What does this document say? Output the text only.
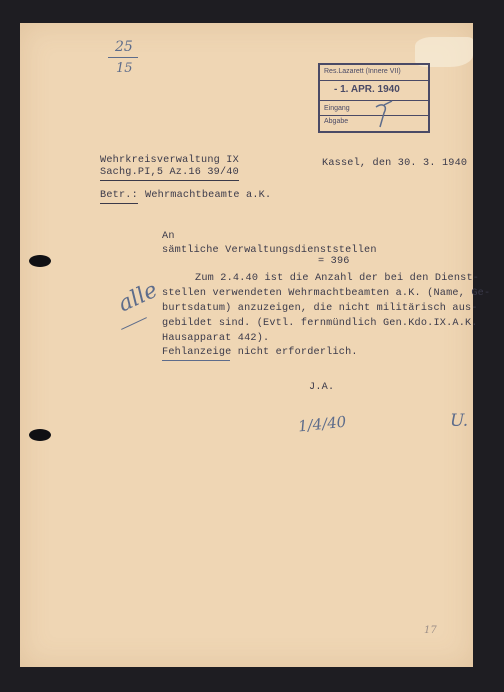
25
15	Res.Lazarett (Innere VII)
- 1. APR. 1940
Eingang
Abgabe
Wehrkreisverwaltung IX
Sachg.PI,5 Az.16 39/40
Kassel, den 30. 3. 1940
Betr.: Wehrmachtbeamte a.K.
An
sämtliche Verwaltungsdienststellen
= 396
Zum 2.4.40 ist die Anzahl der bei den Dienst-
stellen verwendeten Wehrmachtbeamten a.K. (Name, Ge-
burtsdatum) anzuzeigen, die nicht militärisch aus-
gebildet sind. (Evtl. fernmündlich Gen.Kdo.IX.A.K.
Hausapparat 442).
Fehlanzeige nicht erforderlich.
alle
J.A.
1/4/40	U.
17
